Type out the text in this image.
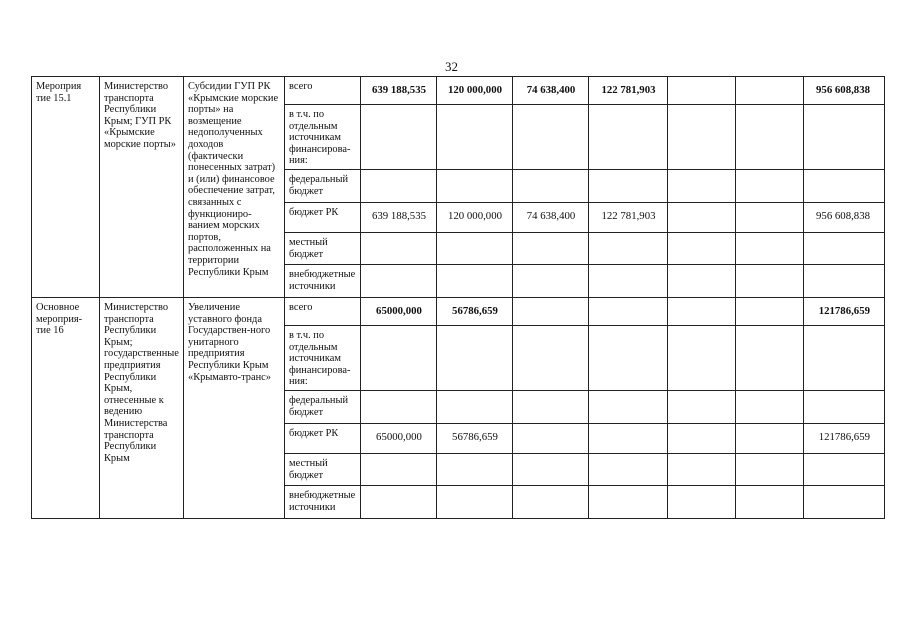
32
Мероприя тие 15.1	Министерство транспорта Республики Крым; ГУП РК «Крымские морские порты»	Субсидии ГУП РК «Крымские морские порты» на возмещение недополученных доходов (фактически понесенных затрат) и (или) финансовое обеспечение затрат, связанных с функциониро-ванием морских портов, расположенных на территории Республики Крым	всего	639 188,535	120 000,000	74 638,400	122 781,903			956 608,838
			в т.ч. по отдельным источникам финансирова-ния:							
			федеральный бюджет							
			бюджет РК	639 188,535	120 000,000	74 638,400	122 781,903			956 608,838
			местный бюджет							
			внебюджетные источники							
Основное мероприя-тие 16	Министерство транспорта Республики Крым; государственные предприятия Республики Крым, отнесенные к ведению Министерства транспорта Республики Крым	Увеличение уставного фонда Государствен-ного унитарного предприятия Республики Крым «Крымавто-транс»	всего	65000,000	56786,659					121786,659
			в т.ч. по отдельным источникам финансирова-ния:							
			федеральный бюджет							
			бюджет РК	65000,000	56786,659					121786,659
			местный бюджет							
			внебюджетные источники							
